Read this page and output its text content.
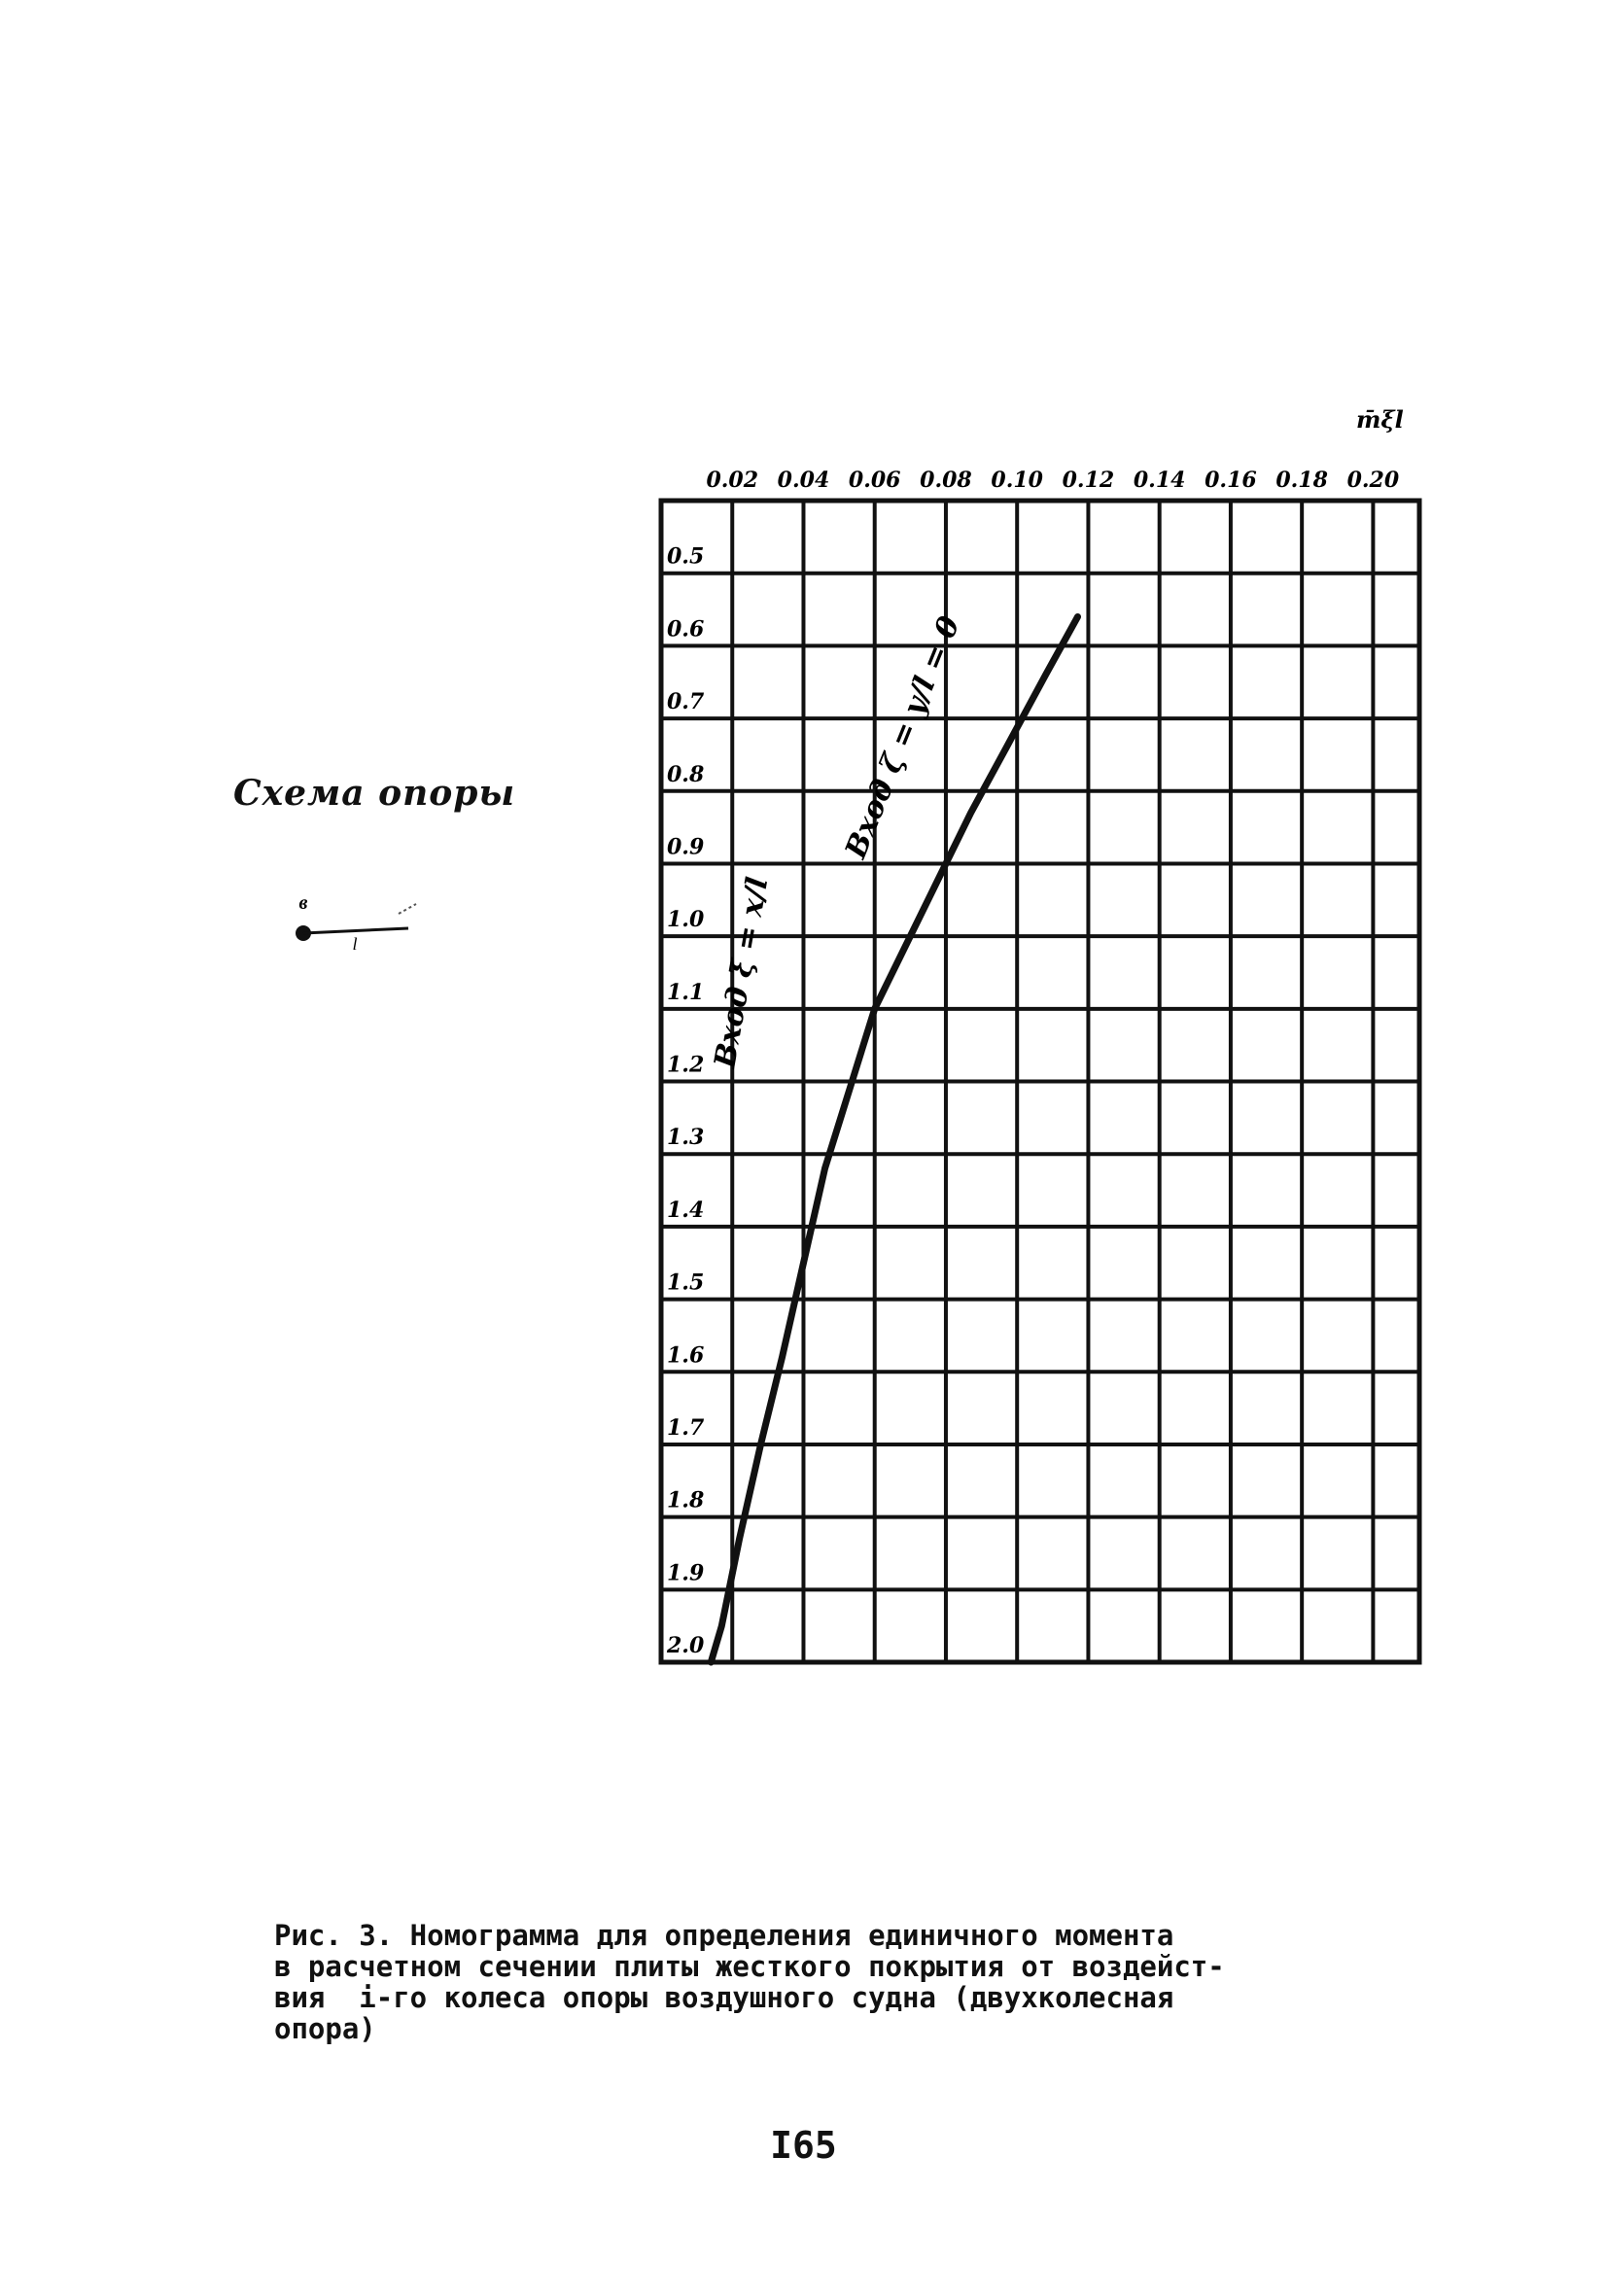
Схема опоры
в
l
0.02 0.04 0.06 0.08 0.10 0.12 0.14 0.16 0.18 0.20
0.5
0.6
0.7
0.8
0.9
1.0
1.1
1.2
1.3
1.4
1.5
1.6
1.7
1.8
1.9
2.0
m̄ξl
Вход ξ = x/l
Вход ζ = y/l = 0
Рис. 3. Номограмма для определения единичного момента
в расчетном сечении плиты жесткого покрытия от воздейст-
вия  i-го колеса опоры воздушного судна (двухколесная
опора)
I65
